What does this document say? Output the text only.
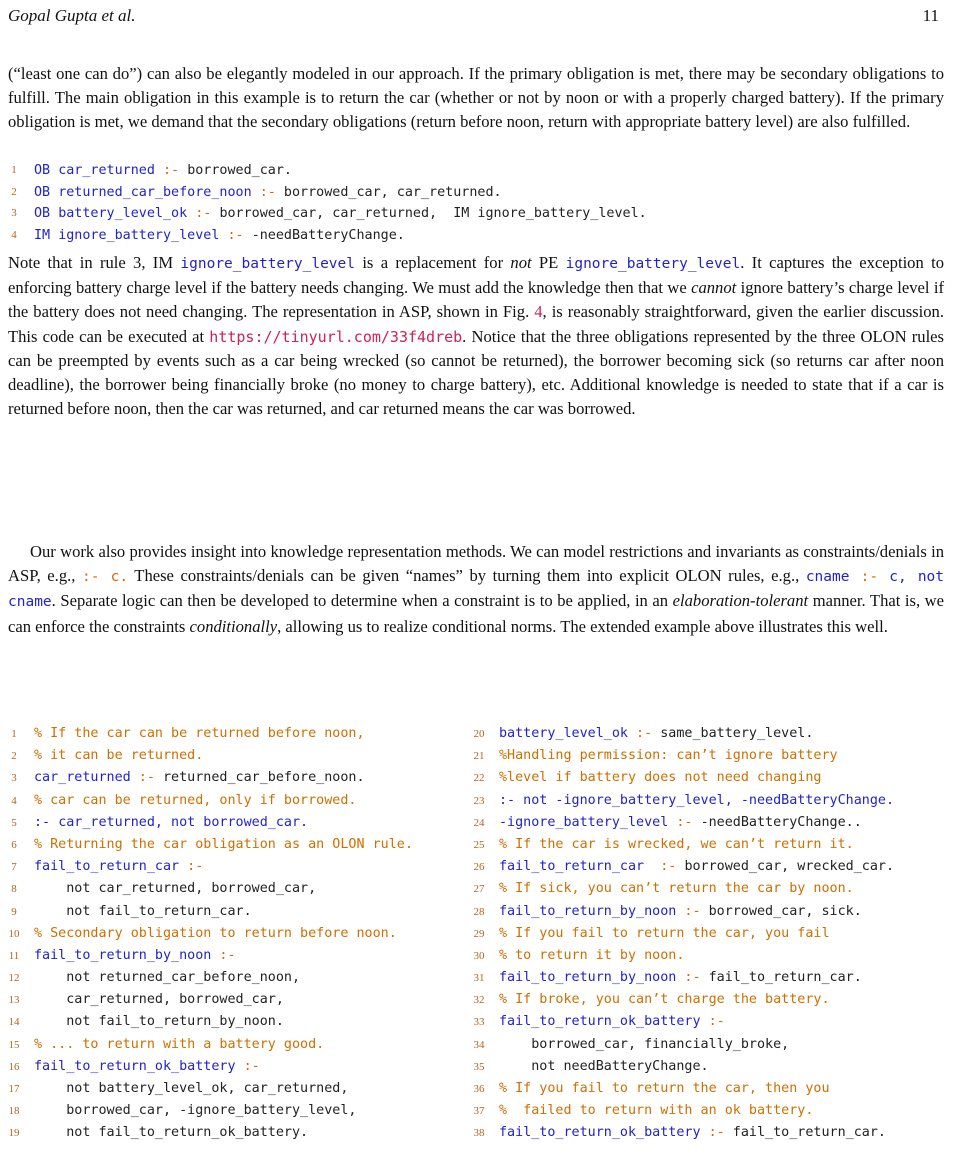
Gopal Gupta et al.	11

(“least one can do”) can also be elegantly modeled in our approach. If the primary obligation is met, there may be secondary obligations to fulfill. The main obligation in this example is to return the car (whether or not by noon or with a properly charged battery). If the primary obligation is met, we demand that the secondary obligations (return before noon, return with appropriate battery level) are also fulfilled.

1 OB car_returned :- borrowed_car.
2 OB returned_car_before_noon :- borrowed_car, car_returned.
3 OB battery_level_ok :- borrowed_car, car_returned,  IM ignore_battery_level.
4 IM ignore_battery_level :- -needBatteryChange.

Note that in rule 3, IM ignore_battery_level is a replacement for not PE ignore_battery_level. It captures the exception to enforcing battery charge level if the battery needs changing. We must add the knowledge then that we cannot ignore battery’s charge level if the battery does not need changing. The representation in ASP, shown in Fig. 4, is reasonably straightforward, given the earlier discussion. This code can be executed at https://tinyurl.com/33f4dreb. Notice that the three obligations represented by the three OLON rules can be preempted by events such as a car being wrecked (so cannot be returned), the borrower becoming sick (so returns car after noon deadline), the borrower being financially broke (no money to charge battery), etc. Additional knowledge is needed to state that if a car is returned before noon, then the car was returned, and car returned means the car was borrowed.

Our work also provides insight into knowledge representation methods. We can model restrictions and invariants as constraints/denials in ASP, e.g., :- c. These constraints/denials can be given “names” by turning them into explicit OLON rules, e.g., cname :- c, not cname. Separate logic can then be developed to determine when a constraint is to be applied, in an elaboration-tolerant manner. That is, we can enforce the constraints conditionally, allowing us to realize conditional norms. The extended example above illustrates this well.

1 % If the car can be returned before noon,
2 % it can be returned.
3 car_returned :- returned_car_before_noon.
4 % car can be returned, only if borrowed.
5 :- car_returned, not borrowed_car.
6 % Returning the car obligation as an OLON rule.
7 fail_to_return_car :-
8 not car_returned, borrowed_car,
9 not fail_to_return_car.
10 % Secondary obligation to return before noon.
11 fail_to_return_by_noon :-
12 not returned_car_before_noon,
13 car_returned, borrowed_car,
14 not fail_to_return_by_noon.
15 % ... to return with a battery good.
16 fail_to_return_ok_battery :-
17 not battery_level_ok, car_returned,
18 borrowed_car, -ignore_battery_level,
19 not fail_to_return_ok_battery.
20 battery_level_ok :- same_battery_level.
21 %Handling permission: can’t ignore battery
22 %level if battery does not need changing
23 :- not -ignore_battery_level, -needBatteryChange.
24 -ignore_battery_level :- -needBatteryChange..
25 % If the car is wrecked, we can’t return it.
26 fail_to_return_car  :- borrowed_car, wrecked_car.
27 % If sick, you can’t return the car by noon.
28 fail_to_return_by_noon :- borrowed_car, sick.
29 % If you fail to return the car, you fail
30 % to return it by noon.
31 fail_to_return_by_noon :- fail_to_return_car.
32 % If broke, you can’t charge the battery.
33 fail_to_return_ok_battery :-
34 borrowed_car, financially_broke,
35 not needBatteryChange.
36 % If you fail to return the car, then you
37 %  failed to return with an ok battery.
38 fail_to_return_ok_battery :- fail_to_return_car.
